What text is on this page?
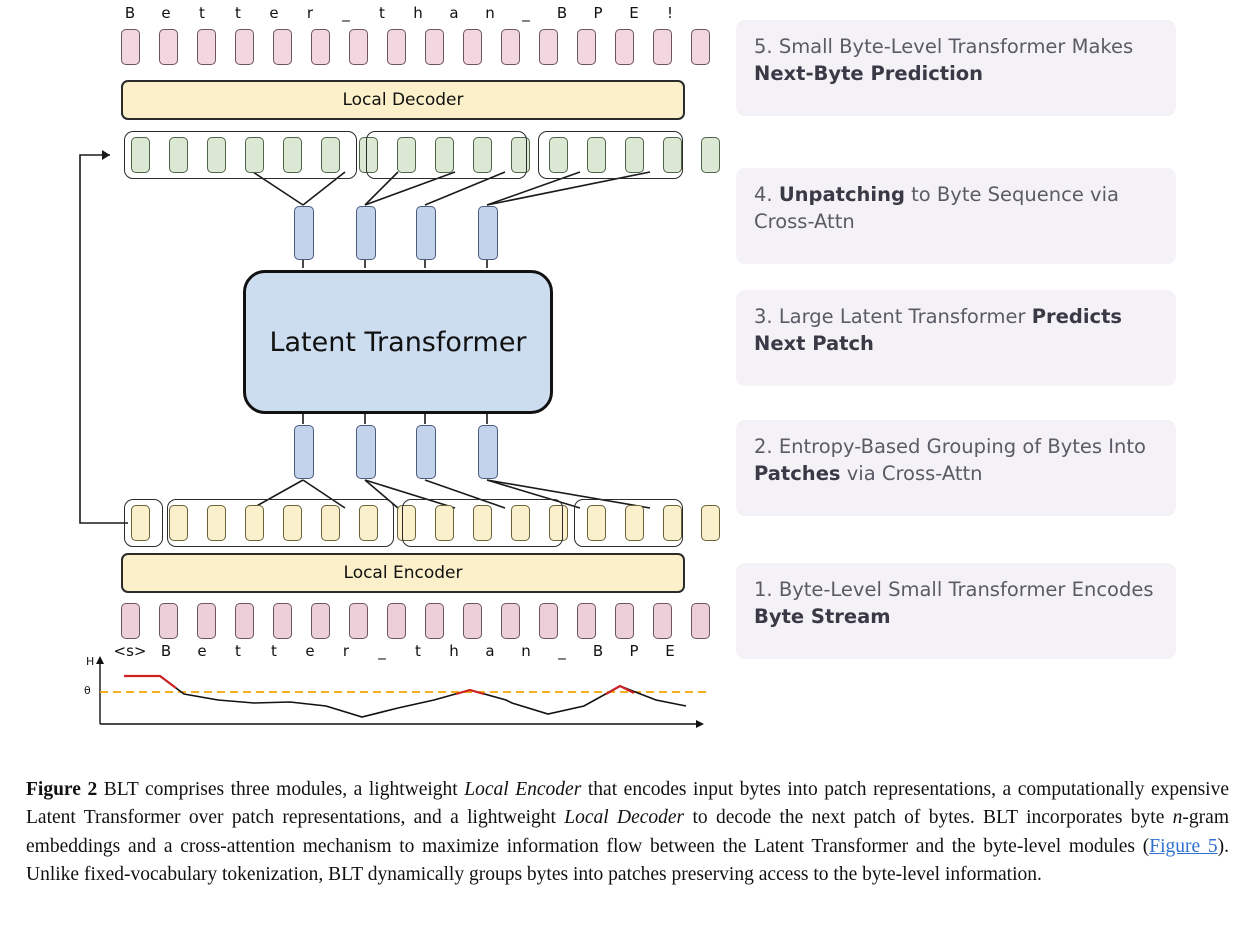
B	e	t	t	e	r	_	t	h	a	n	_	B	P	E	!
Local Decoder
Latent Transformer
Local Encoder
<s> B	e	t	t	e	r	_	t	h	a	n	_	B	P	E
H
θ
5. Small Byte-Level Transformer Makes Next-Byte Prediction
4. Unpatching to Byte Sequence via Cross-Attn
3. Large Latent Transformer Predicts Next Patch
2. Entropy-Based Grouping of Bytes Into Patches via Cross-Attn
1. Byte-Level Small Transformer Encodes Byte Stream
Figure 2 BLT comprises three modules, a lightweight Local Encoder that encodes input bytes into patch representations, a computationally expensive Latent Transformer over patch representations, and a lightweight Local Decoder to decode the next patch of bytes. BLT incorporates byte n-gram embeddings and a cross-attention mechanism to maximize information flow between the Latent Transformer and the byte-level modules (Figure 5). Unlike fixed-vocabulary tokenization, BLT dynamically groups bytes into patches preserving access to the byte-level information.
